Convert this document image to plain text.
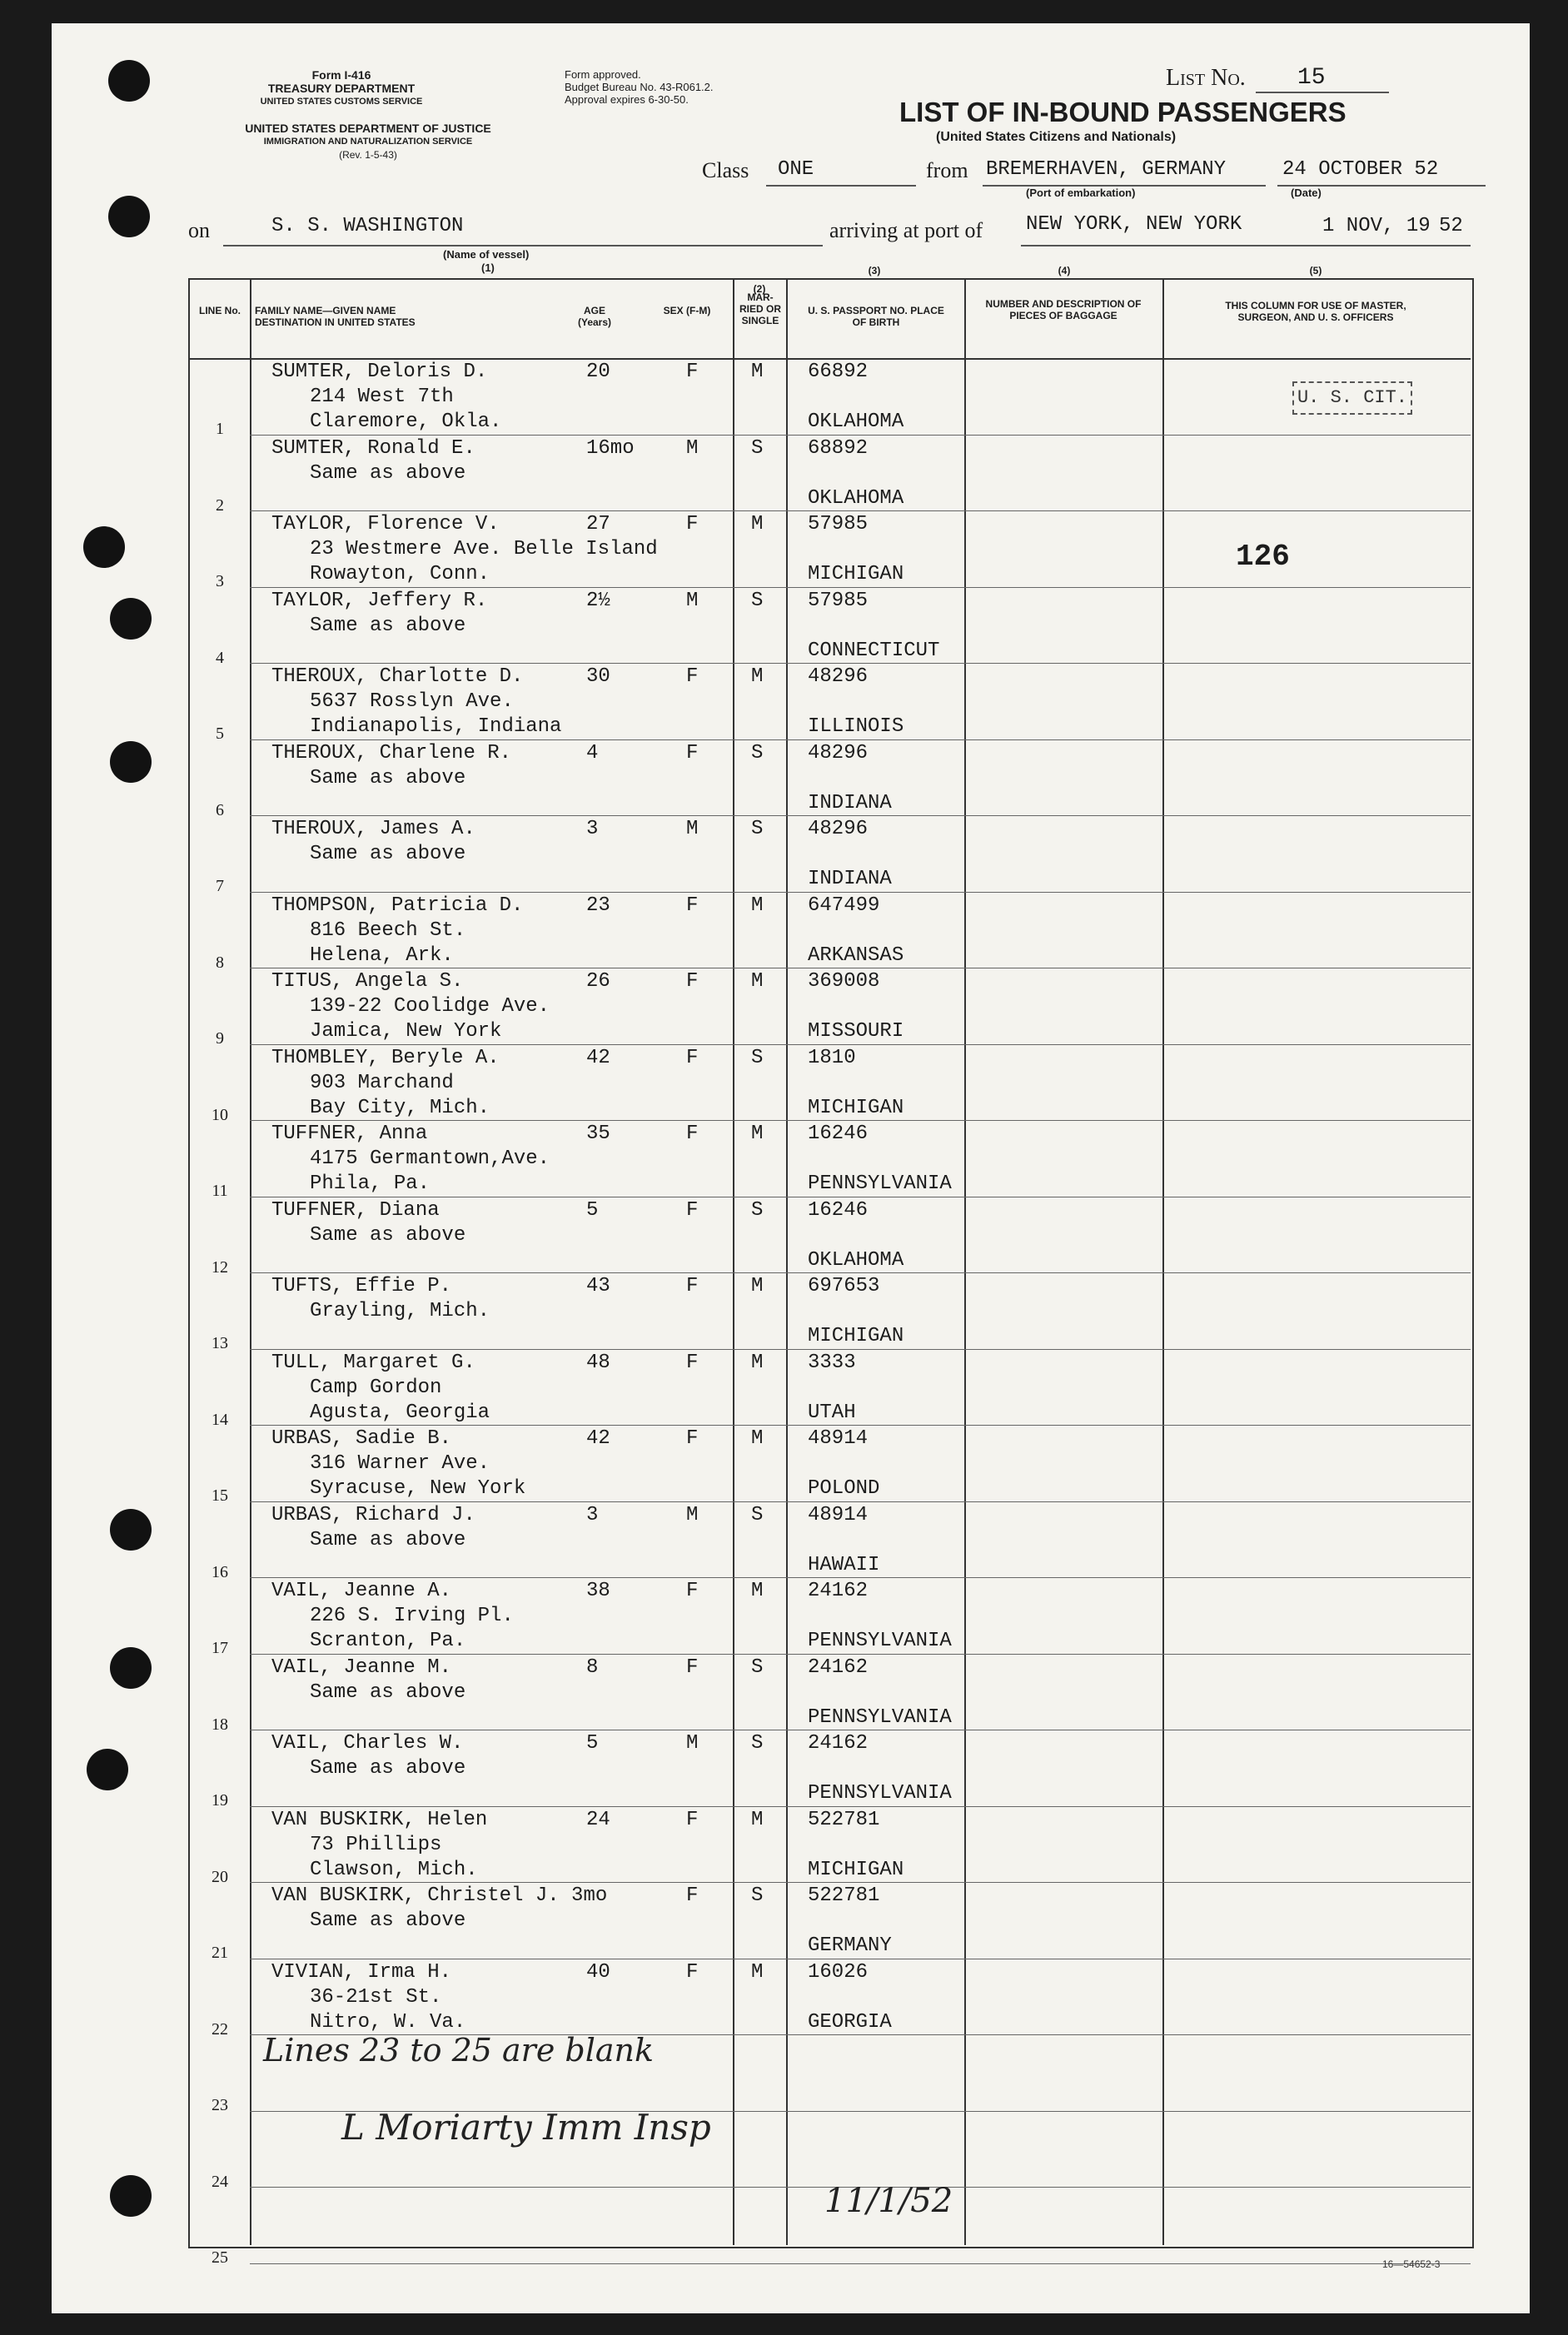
Form I-416
TREASURY DEPARTMENT
UNITED STATES CUSTOMS SERVICE
UNITED STATES DEPARTMENT OF JUSTICE
IMMIGRATION AND NATURALIZATION SERVICE
(Rev. 1-5-43)
Form approved.
Budget Bureau No. 43-R061.2.
Approval expires 6-30-50.
List No. 15
LIST OF IN-BOUND PASSENGERS
(United States Citizens and Nationals)
Class ONE	from BREMERHAVEN, GERMANY
(Port of embarkation)
24 OCTOBER 52
(Date)
on	S. S. WASHINGTON
(Name of vessel)
(1)
arriving at port of NEW YORK, NEW YORK	1 NOV, 19 52
LINE No.	FAMILY NAME—GIVEN NAME
DESTINATION IN UNITED STATES
AGE (Years)
SEX (F-M)
(2)
MAR-RIED OR SINGLE
(3)
U. S. PASSPORT NO. PLACE OF BIRTH
(4)
NUMBER AND DESCRIPTION OF PIECES OF BAGGAGE
(5)
THIS COLUMN FOR USE OF MASTER, SURGEON, AND U. S. OFFICERS
1
SUMTER, Deloris D.
214 West 7th
Claremore, Okla.
20	F	M 66892
OKLAHOMA
2
SUMTER, Ronald E.
Same as above
16mo	M	S 68892
OKLAHOMA
3
TAYLOR, Florence V.
23 Westmere Ave. Belle Island
Rowayton, Conn.
27	F	M 57985
MICHIGAN
4
TAYLOR, Jeffery R.
Same as above
2½	M	S 57985
CONNECTICUT
5
THEROUX, Charlotte D.
5637 Rosslyn Ave.
Indianapolis, Indiana
30	F	M 48296
ILLINOIS
6
THEROUX, Charlene R.
Same as above
4	F	S 48296
INDIANA
7
THEROUX, James A.
Same as above
3	M	S 48296
INDIANA
8
THOMPSON, Patricia D.
816 Beech St.
Helena, Ark.
23	F	M 647499
ARKANSAS
9
TITUS, Angela S.
139-22 Coolidge Ave.
Jamica, New York
26	F	M 369008
MISSOURI
10
THOMBLEY, Beryle A.
903 Marchand
Bay City, Mich.
42	F	S 1810
MICHIGAN
11
TUFFNER, Anna
4175 Germantown,Ave.
Phila, Pa.
35	F	M 16246
PENNSYLVANIA
12
TUFFNER, Diana
Same as above
5	F	S 16246
OKLAHOMA
13
TUFTS, Effie P.
Grayling, Mich.
43	F	M 697653
MICHIGAN
14
TULL, Margaret G.
Camp Gordon
Agusta, Georgia
48	F	M 3333
UTAH
15
URBAS, Sadie B.
316 Warner Ave.
Syracuse, New York
42	F	M 48914
POLOND
16
URBAS, Richard J.
Same as above
3	M	S 48914
HAWAII
17
VAIL, Jeanne A.
226 S. Irving Pl.
Scranton, Pa.
38	F	M 24162
PENNSYLVANIA
18
VAIL, Jeanne M.
Same as above
8	F	S 24162
PENNSYLVANIA
19
VAIL, Charles W.
Same as above
5	M	S 24162
PENNSYLVANIA
20
VAN BUSKIRK, Helen
73 Phillips
Clawson, Mich.
24	F	M 522781
MICHIGAN
21
VAN BUSKIRK, Christel J. 3mo
Same as above
F	S 522781
GERMANY
22
VIVIAN, Irma H.
36-21st St.
Nitro, W. Va.
40	F	M 16026
GEORGIA
23
24
25
U. S. CIT.
126
Lines 23 to 25 are blank
L Moriarty Imm Insp
11/1/52
16—54652-3
